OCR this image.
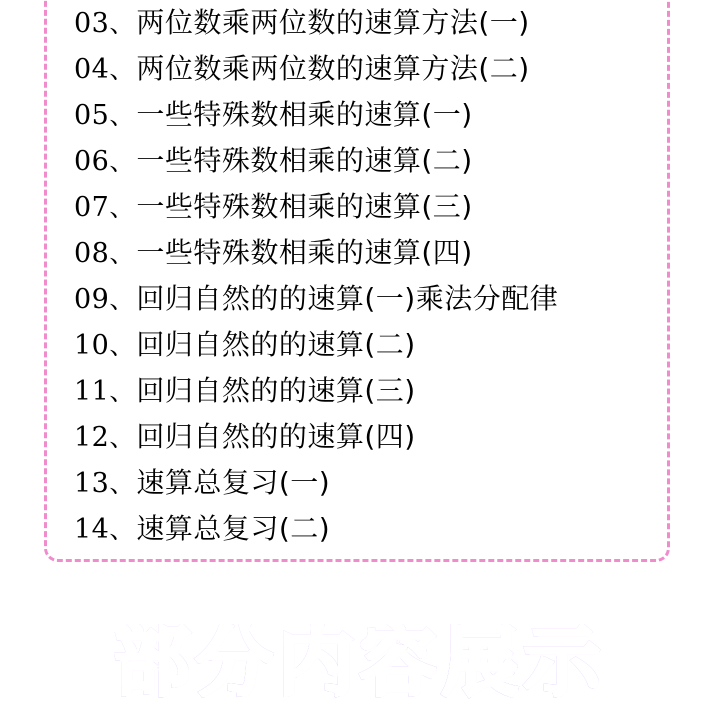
03 、 两位数乘两位数的速算方法(一)
04 、 两位数乘两位数的速算方法(二)
05 、 一些特殊数相乘的速算(一)
06 、 一些特殊数相乘的速算(二)
07 、 一些特殊数相乘的速算(三)
08 、 一些特殊数相乘的速算(四)
09 、 回归自然的的速算(一)乘法分配律
10 、 回归自然的的速算(二)
11 、 回归自然的的速算(三)
12 、 回归自然的的速算(四)
13 、 速算总复习(一)
14 、 速算总复习(二)
部分内容展示
